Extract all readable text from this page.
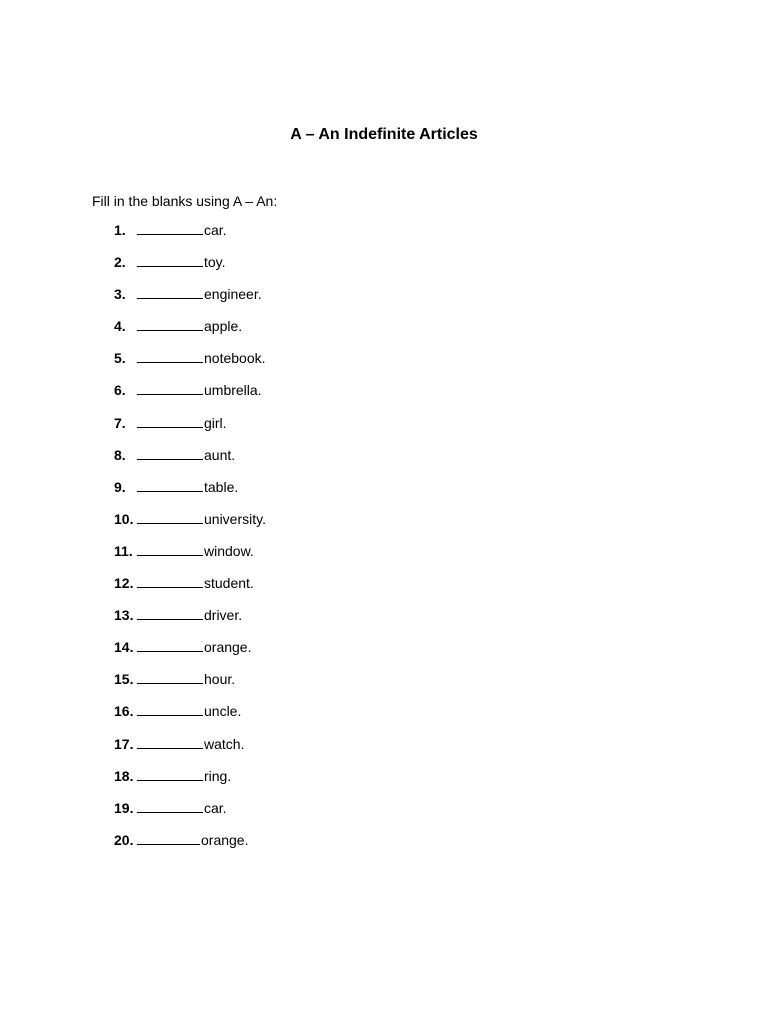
A – An Indefinite Articles
Fill in the blanks using A – An:
1.	car.
2.	toy.
3.	engineer.
4.	apple.
5.	notebook.
6.	umbrella.
7.	girl.
8.	aunt.
9.	table.
10.	university.
11.	window.
12.	student.
13.	driver.
14.	orange.
15.	hour.
16.	uncle.
17.	watch.
18.	ring.
19.	car.
20.	orange.
